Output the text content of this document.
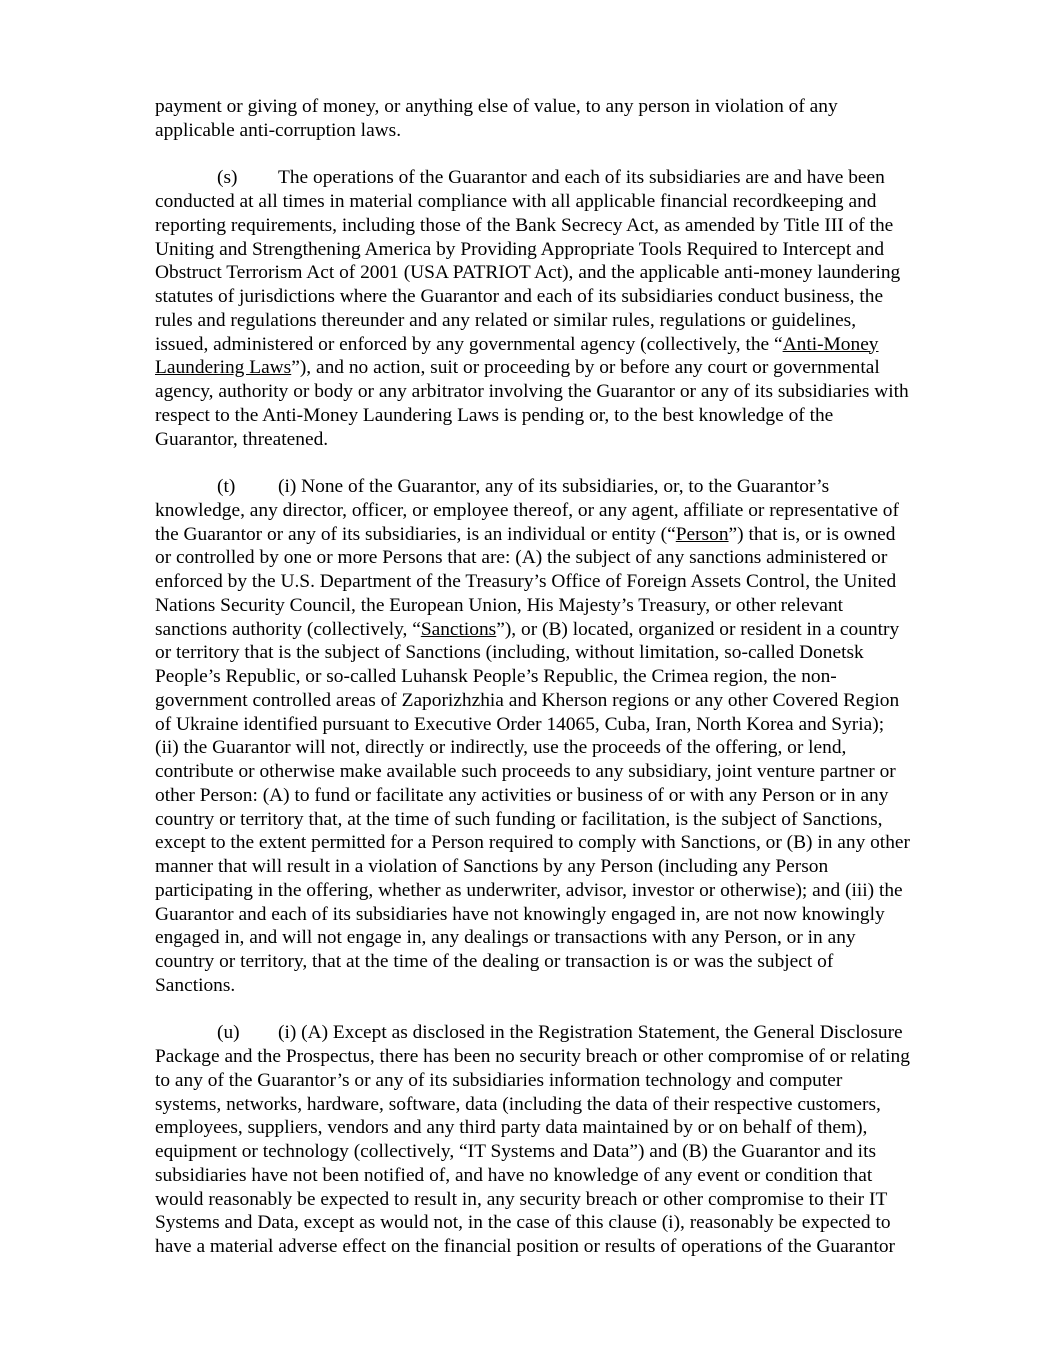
payment or giving of money, or anything else of value, to any person in violation of any
applicable anti-corruption laws.

(s) The operations of the Guarantor and each of its subsidiaries are and have been
conducted at all times in material compliance with all applicable financial recordkeeping and
reporting requirements, including those of the Bank Secrecy Act, as amended by Title III of the
Uniting and Strengthening America by Providing Appropriate Tools Required to Intercept and
Obstruct Terrorism Act of 2001 (USA PATRIOT Act), and the applicable anti-money laundering
statutes of jurisdictions where the Guarantor and each of its subsidiaries conduct business, the
rules and regulations thereunder and any related or similar rules, regulations or guidelines,
issued, administered or enforced by any governmental agency (collectively, the “Anti-Money
Laundering Laws”), and no action, suit or proceeding by or before any court or governmental
agency, authority or body or any arbitrator involving the Guarantor or any of its subsidiaries with
respect to the Anti-Money Laundering Laws is pending or, to the best knowledge of the
Guarantor, threatened.

(t) (i) None of the Guarantor, any of its subsidiaries, or, to the Guarantor’s
knowledge, any director, officer, or employee thereof, or any agent, affiliate or representative of
the Guarantor or any of its subsidiaries, is an individual or entity (“Person”) that is, or is owned
or controlled by one or more Persons that are: (A) the subject of any sanctions administered or
enforced by the U.S. Department of the Treasury’s Office of Foreign Assets Control, the United
Nations Security Council, the European Union, His Majesty’s Treasury, or other relevant
sanctions authority (collectively, “Sanctions”), or (B) located, organized or resident in a country
or territory that is the subject of Sanctions (including, without limitation, so-called Donetsk
People’s Republic, or so-called Luhansk People’s Republic, the Crimea region, the non-
government controlled areas of Zaporizhzhia and Kherson regions or any other Covered Region
of Ukraine identified pursuant to Executive Order 14065, Cuba, Iran, North Korea and Syria);
(ii) the Guarantor will not, directly or indirectly, use the proceeds of the offering, or lend,
contribute or otherwise make available such proceeds to any subsidiary, joint venture partner or
other Person: (A) to fund or facilitate any activities or business of or with any Person or in any
country or territory that, at the time of such funding or facilitation, is the subject of Sanctions,
except to the extent permitted for a Person required to comply with Sanctions, or (B) in any other
manner that will result in a violation of Sanctions by any Person (including any Person
participating in the offering, whether as underwriter, advisor, investor or otherwise); and (iii) the
Guarantor and each of its subsidiaries have not knowingly engaged in, are not now knowingly
engaged in, and will not engage in, any dealings or transactions with any Person, or in any
country or territory, that at the time of the dealing or transaction is or was the subject of
Sanctions.

(u) (i) (A) Except as disclosed in the Registration Statement, the General Disclosure
Package and the Prospectus, there has been no security breach or other compromise of or relating
to any of the Guarantor’s or any of its subsidiaries information technology and computer
systems, networks, hardware, software, data (including the data of their respective customers,
employees, suppliers, vendors and any third party data maintained by or on behalf of them),
equipment or technology (collectively, “IT Systems and Data”) and (B) the Guarantor and its
subsidiaries have not been notified of, and have no knowledge of any event or condition that
would reasonably be expected to result in, any security breach or other compromise to their IT
Systems and Data, except as would not, in the case of this clause (i), reasonably be expected to
have a material adverse effect on the financial position or results of operations of the Guarantor
